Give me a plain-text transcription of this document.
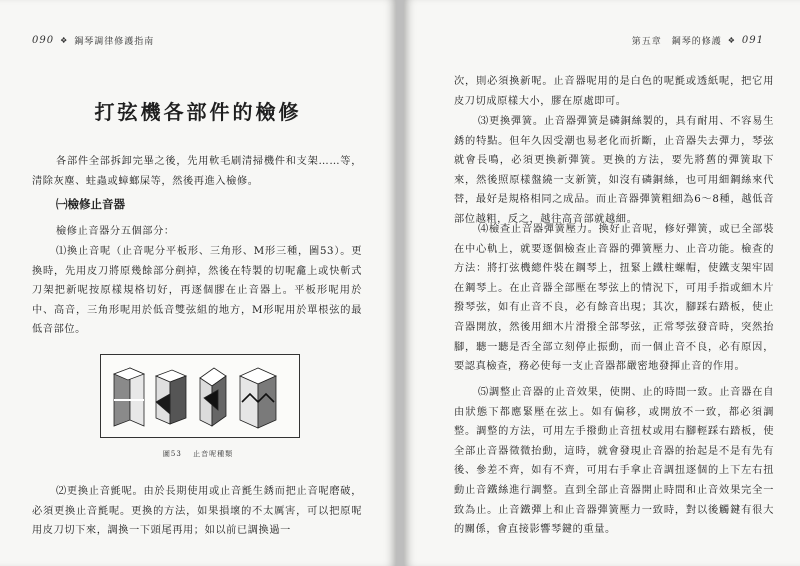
090 ❖ 鋼琴調律修護指南
打弦機各部件的檢修

各部件全部拆卸完畢之後，先用軟毛刷清掃機件和支架……等，清除灰塵、蛀蟲或蟑螂屎等，然後再進入檢修。

㈠檢修止音器

檢修止音器分五個部分：

⑴換止音呢（止音呢分平板形、三角形、M形三種，圖53）。更換時，先用皮刀將原幾餘部分剷掉，然後在特製的切呢龕上或快斬式刀架把新呢按原樣規格切好，再逐個膠在止音器上。平板形呢用於中、高音，三角形呢用於低音雙弦組的地方，M形呢用於單根弦的最低音部位。

圖53 止音呢種類

⑵更換止音氈呢。由於長期使用或止音氈生銹而把止音呢磨破，必須更換止音氈呢。更換的方法，如果損壞的不太厲害，可以把原呢用皮刀切下來，調換一下頭尾再用；如以前已調換過一

第五章　鋼琴的修護 ❖ 091

次，則必須換新呢。止音器呢用的是白色的呢氈或透紙呢，把它用皮刀切成原樣大小，膠在原處即可。

⑶更換彈簧。止音器彈簧是磷銅絲製的，具有耐用、不容易生銹的特點。但年久因受潮也易老化而折斷，止音器失去彈力，琴弦就會長鳴，必須更換新彈簧。更換的方法，要先將舊的彈簧取下來，然後照原樣盤繞一支新簧，如沒有磷銅絲，也可用細鋼絲來代替，最好是規格相同之成品。而止音器彈簧粗細為6～8種，越低音部位越粗，反之，越往高音部就越細。

⑷檢查止音器彈簧壓力。換好止音呢，修好彈簧，或已全部裝在中心軌上，就要逐個檢查止音器的彈簧壓力、止音功能。檢查的方法：將打弦機總件裝在鋼琴上，扭緊上鐵柱螺帽，使鐵支架牢固在鋼琴上。在止音器全部壓在琴弦上的情況下，可用手指或細木片撥琴弦，如有止音不良，必有餘音出現；其次，腳踩右踏板，使止音器開放，然後用細木片滑撥全部琴弦，正常琴弦發音時，突然抬腳，聽一聽是否全部立刻停止振動，而一個止音不良，必有原因，要認真檢查，務必使每一支止音器都嚴密地發揮止音的作用。

⑸調整止音器的止音效果，使開、止的時間一致。止音器在自由狀態下都應緊壓在弦上。如有偏移，或開放不一致，都必須調整。調整的方法，可用左手撥動止音扭杖或用右腳輕踩右踏板，使全部止音器徵微抬動，這時，就會發現止音器的抬起是不是有先有後、參差不齊，如有不齊，可用右手拿止音調扭逐個的上下左右扭動止音鐵絲進行調整。直到全部止音器開止時間和止音效果完全一致為止。止音鐵彈上和止音器彈簧壓力一致時，對以後觸鍵有很大的關係，會直接影響琴鍵的重量。
